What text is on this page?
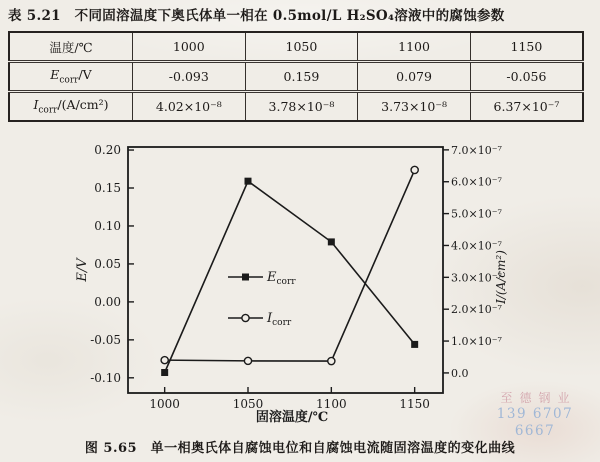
表 5.21　不同固溶温度下奥氏体单一相在 0.5mol/L H₂SO₄溶液中的腐蚀参数
温度/℃	1000	1050	1100	1150
$E_{corr}/V$	-0.093	0.159	0.079	-0.056
$I_{corr}/(A/cm^2)$	4.02×10⁻⁸	3.78×10⁻⁸	3.73×10⁻⁸	6.37×10⁻⁷
1000	1050	1100	1150
0.20
0.15
0.10
0.05
0.00
-0.05
-0.10
7.0×10⁻⁷
6.0×10⁻⁷
5.0×10⁻⁷
4.0×10⁻⁷
3.0×10⁻⁷
2.0×10⁻⁷
1.0×10⁻⁷
0.0
E/V	I/(A/cm²)
固溶温度/℃
$E_{corr}$
$I_{corr}$
至德钢业
139 6707 6667
图 5.65　单一相奥氏体自腐蚀电位和自腐蚀电流随固溶温度的变化曲线
